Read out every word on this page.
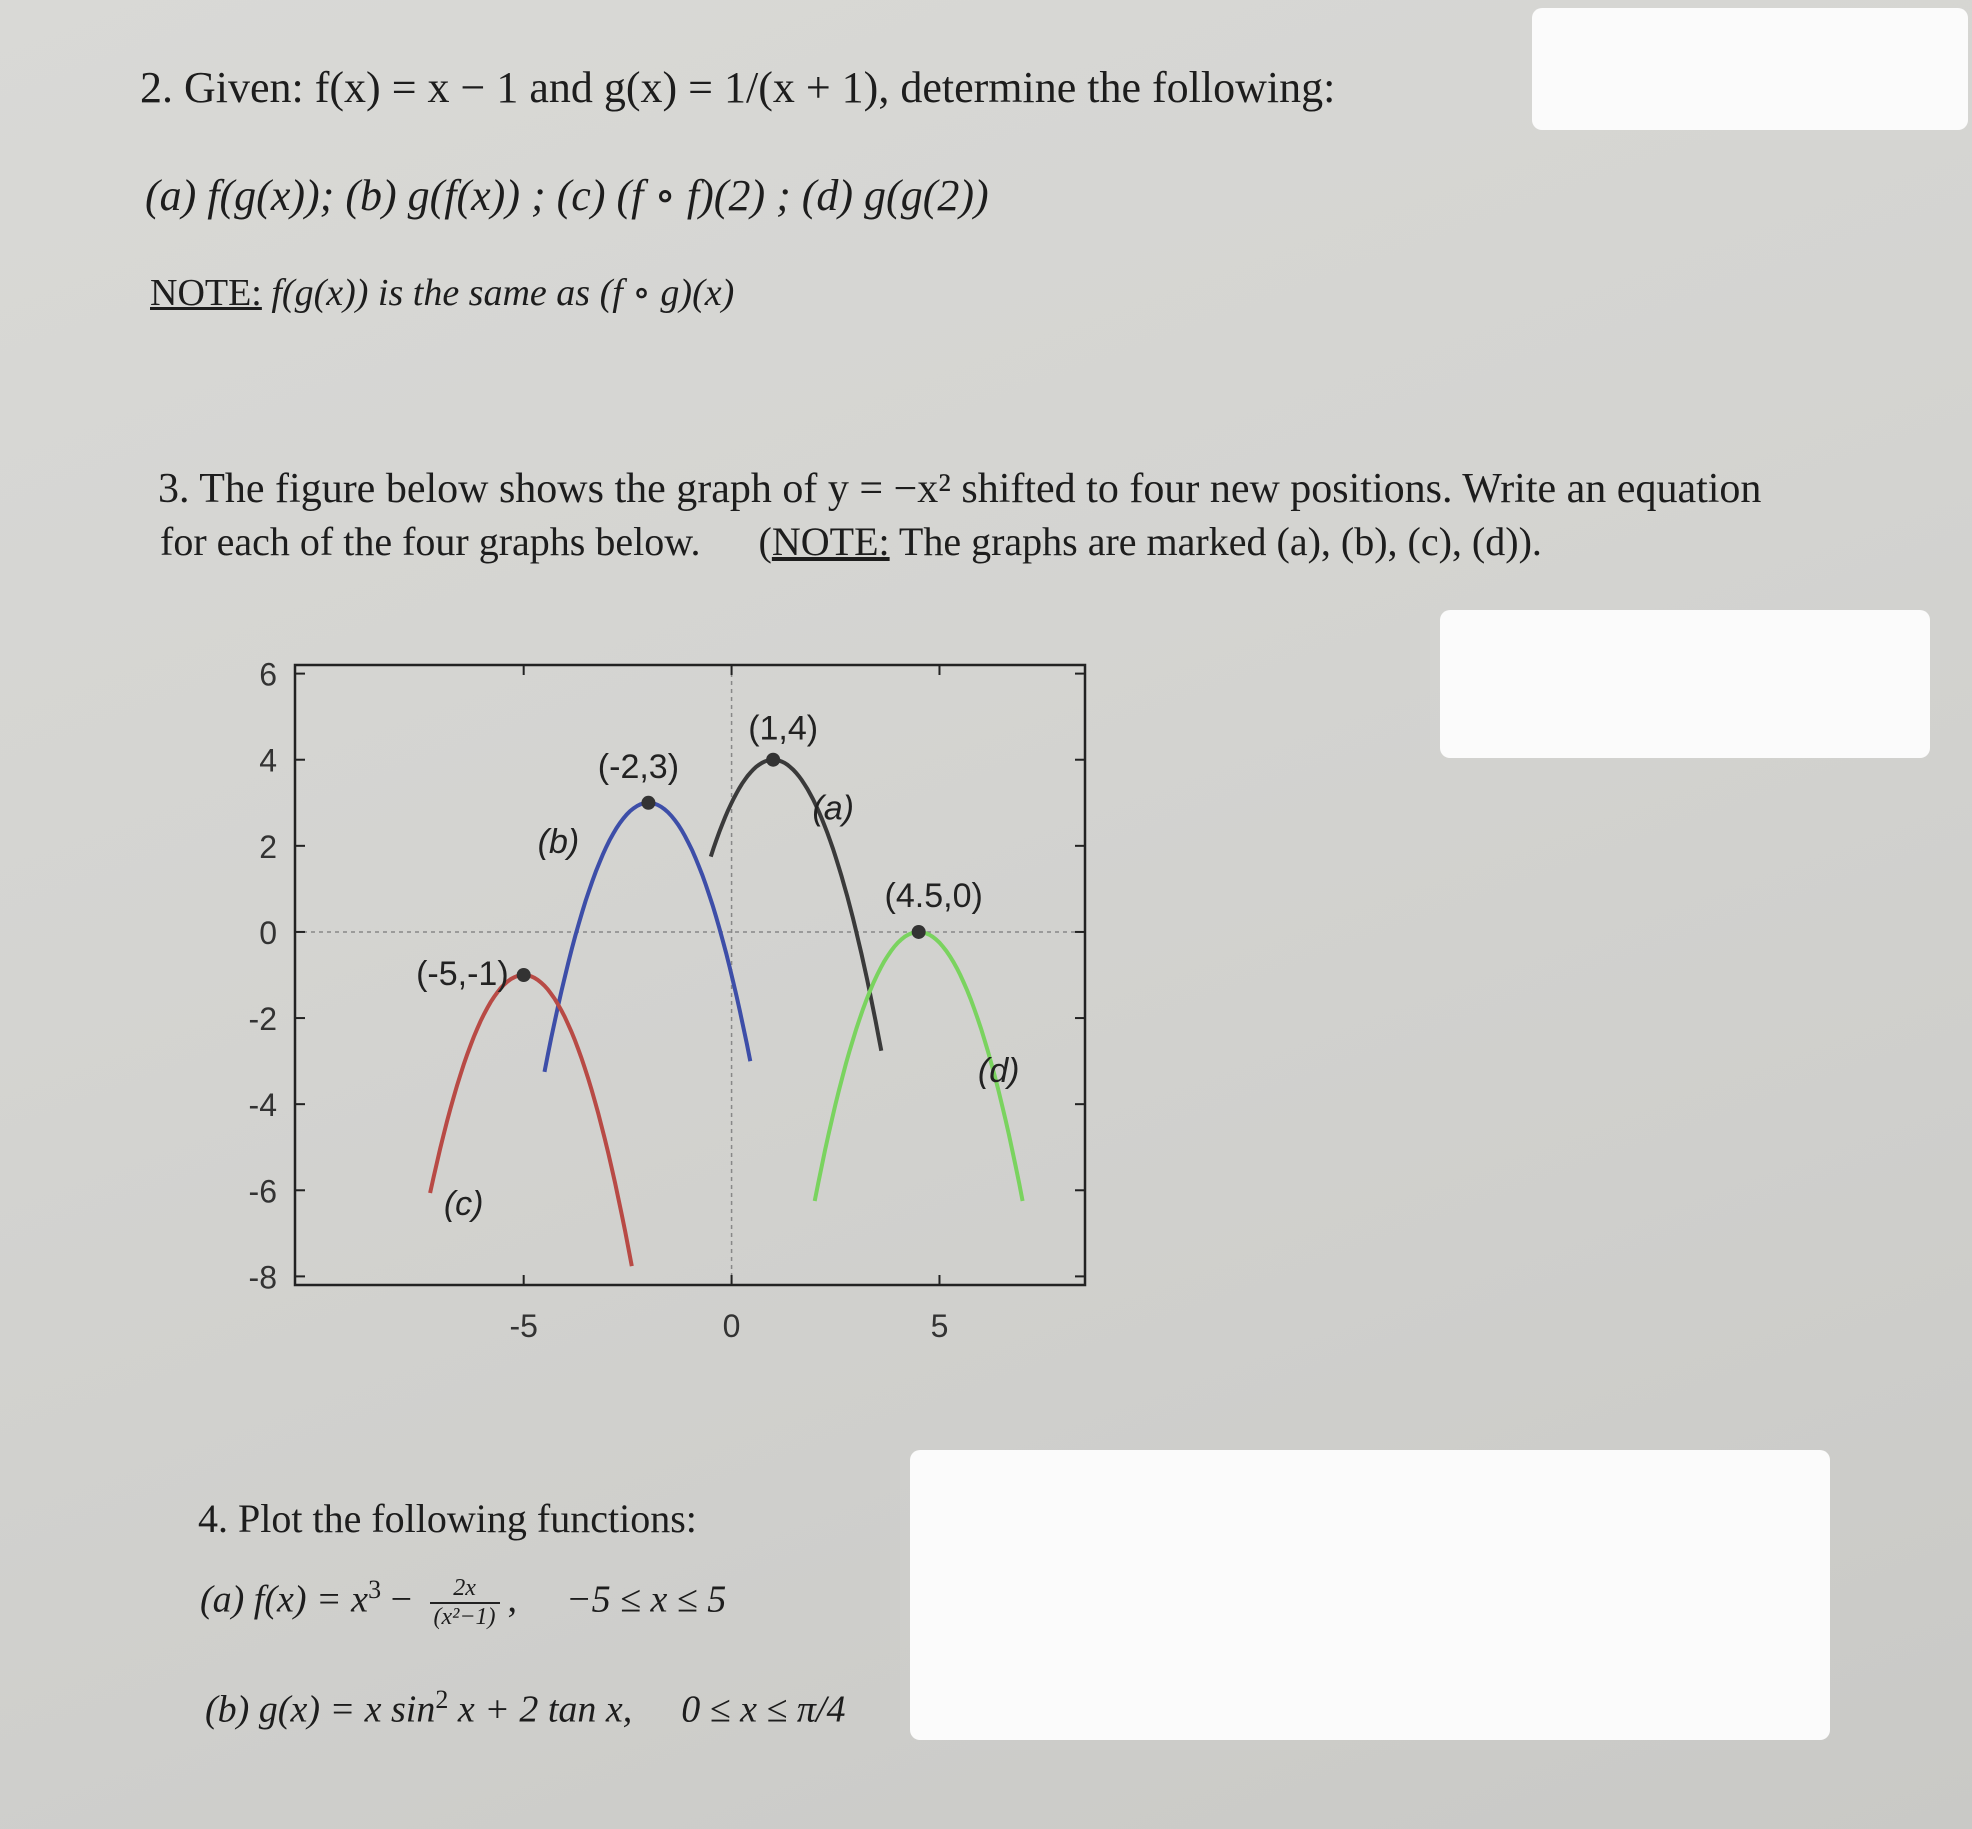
2. Given: f(x) = x − 1 and g(x) = 1/(x + 1), determine the following:
(a) f(g(x)); (b) g(f(x)) ; (c) (f ∘ f)(2) ; (d) g(g(2))
NOTE: f(g(x)) is the same as (f ∘ g)(x)
3. The figure below shows the graph of y = −x² shifted to four new positions. Write an equation
for each of the four graphs below. (NOTE: The graphs are marked (a), (b), (c), (d)).
6
4
2
0
-2
-4
-6
-8
-5	0	5
(1,4)
(a)
(-2,3)
(b)
(-5,-1)
(c)
(4.5,0)
(d)
4. Plot the following functions:
(a) $f(x) = x^3 - \frac{2x}{\text{(x²−1)}}$ , −5 ≤ x ≤ 5
(b) g(x) = x $\sin^2 x + 2$ tan x, 0 ≤ x ≤ π/4
